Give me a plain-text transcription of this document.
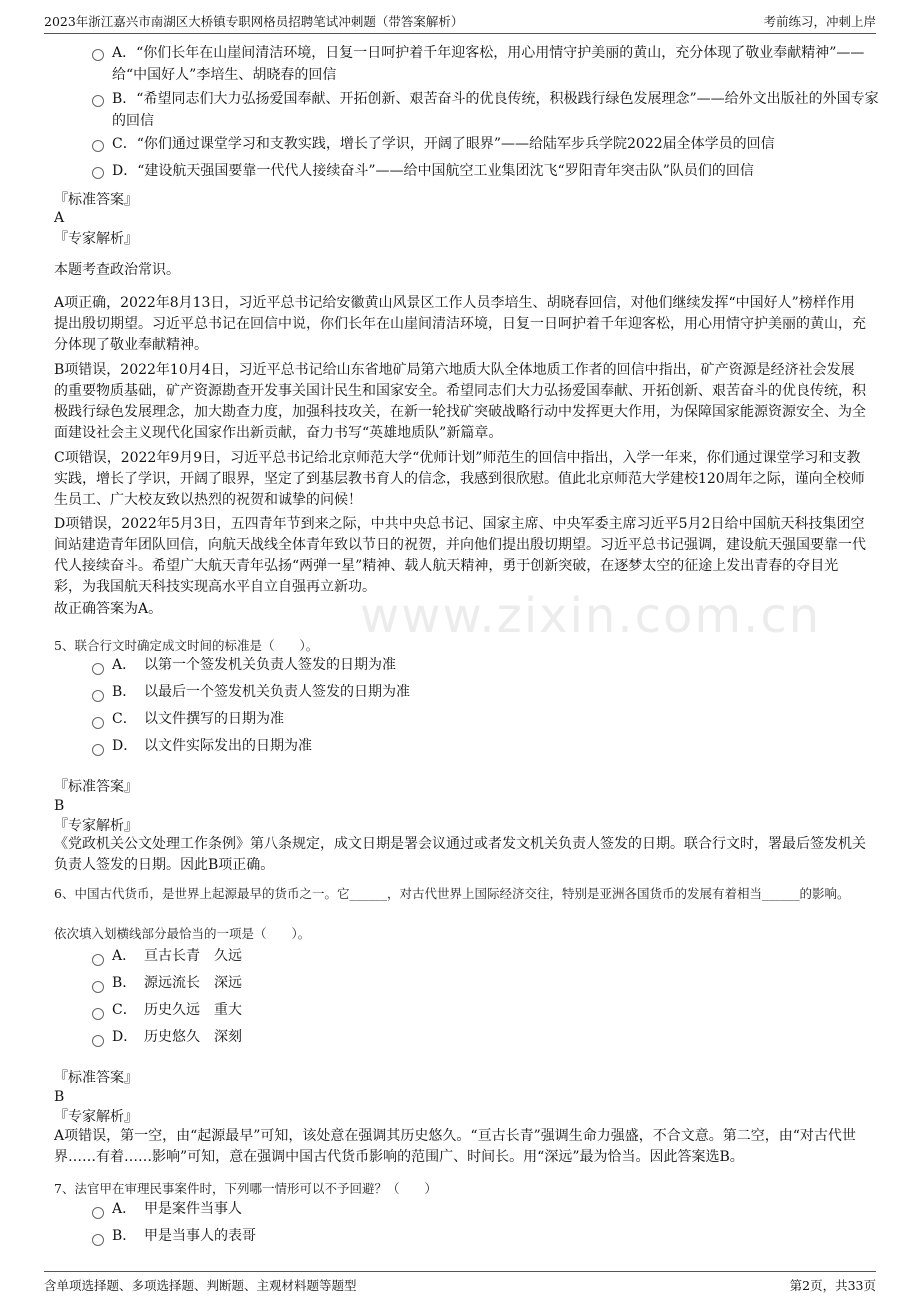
2023年浙江嘉兴市南湖区大桥镇专职网格员招聘笔试冲刺题（带答案解析）	考前练习，冲刺上岸
www.zixin.com.cn
A．“你们长年在山崖间清洁环境，日复一日呵护着千年迎客松，用心用情守护美丽的黄山，充分体现了敬业奉献精神”——给“中国好人”李培生、胡晓春的回信
B．“希望同志们大力弘扬爱国奉献、开拓创新、艰苦奋斗的优良传统，积极践行绿色发展理念”——给外文出版社的外国专家的回信
C．“你们通过课堂学习和支教实践，增长了学识，开阔了眼界”——给陆军步兵学院2022届全体学员的回信
D．“建设航天强国要靠一代代人接续奋斗”——给中国航空工业集团沈飞“罗阳青年突击队”队员们的回信
『标准答案』
A
『专家解析』
本题考查政治常识。
A项正确，2022年8月13日，习近平总书记给安徽黄山风景区工作人员李培生、胡晓春回信，对他们继续发挥“中国好人”榜样作用提出殷切期望。习近平总书记在回信中说，你们长年在山崖间清洁环境，日复一日呵护着千年迎客松，用心用情守护美丽的黄山，充分体现了敬业奉献精神。
B项错误，2022年10月4日，习近平总书记给山东省地矿局第六地质大队全体地质工作者的回信中指出，矿产资源是经济社会发展的重要物质基础，矿产资源勘查开发事关国计民生和国家安全。希望同志们大力弘扬爱国奉献、开拓创新、艰苦奋斗的优良传统，积极践行绿色发展理念，加大勘查力度，加强科技攻关，在新一轮找矿突破战略行动中发挥更大作用，为保障国家能源资源安全、为全面建设社会主义现代化国家作出新贡献，奋力书写“英雄地质队”新篇章。
C项错误，2022年9月9日，习近平总书记给北京师范大学“优师计划”师范生的回信中指出，入学一年来，你们通过课堂学习和支教实践，增长了学识，开阔了眼界，坚定了到基层教书育人的信念，我感到很欣慰。值此北京师范大学建校120周年之际，谨向全校师生员工、广大校友致以热烈的祝贺和诚挚的问候！
D项错误，2022年5月3日，五四青年节到来之际，中共中央总书记、国家主席、中央军委主席习近平5月2日给中国航天科技集团空间站建造青年团队回信，向航天战线全体青年致以节日的祝贺，并向他们提出殷切期望。习近平总书记强调，建设航天强国要靠一代代人接续奋斗。希望广大航天青年弘扬“两弹一星”精神、载人航天精神，勇于创新突破，在逐梦太空的征途上发出青春的夺目光彩，为我国航天科技实现高水平自立自强再立新功。
故正确答案为A。
5、联合行文时确定成文时间的标准是（　　）。
A． 以第一个签发机关负责人签发的日期为准
B． 以最后一个签发机关负责人签发的日期为准
C． 以文件撰写的日期为准
D． 以文件实际发出的日期为准
『标准答案』
B
『专家解析』
《党政机关公文处理工作条例》第八条规定，成文日期是署会议通过或者发文机关负责人签发的日期。联合行文时，署最后签发机关负责人签发的日期。因此B项正确。
6、中国古代货币，是世界上起源最早的货币之一。它______，对古代世界上国际经济交往，特别是亚洲各国货币的发展有着相当______的影响。
依次填入划横线部分最恰当的一项是（　　）。
A． 亘古长青　久远
B． 源远流长　深远
C． 历史久远　重大
D． 历史悠久　深刻
『标准答案』
B
『专家解析』
A项错误，第一空，由“起源最早”可知，该处意在强调其历史悠久。“亘古长青”强调生命力强盛，不合文意。第二空，由“对古代世界……有着……影响”可知，意在强调中国古代货币影响的范围广、时间长。用“深远”最为恰当。因此答案选B。
7、法官甲在审理民事案件时，下列哪一情形可以不予回避？（　　）
A． 甲是案件当事人
B． 甲是当事人的表哥
含单项选择题、多项选择题、判断题、主观材料题等题型	第2页，共33页
